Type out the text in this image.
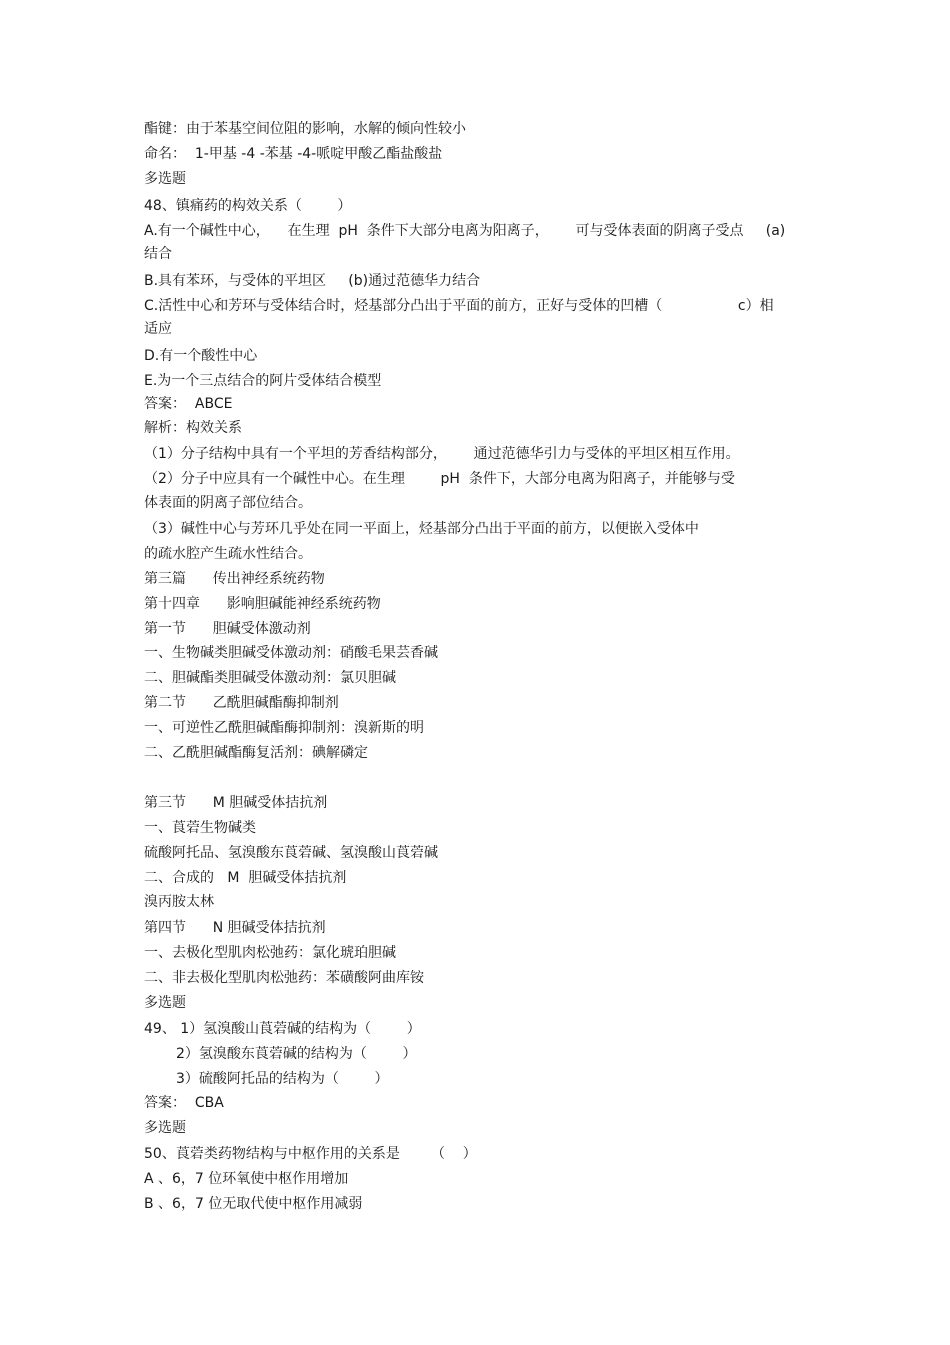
酯键：由于苯基空间位阻的影响，水解的倾向性较小
命名：  1-甲基 -4 -苯基 -4-哌啶甲酸乙酯盐酸盐
多选题
48、镇痛药的构效关系（        ）
A.有一个碱性中心，    在生理  pH  条件下大部分电离为阳离子，      可与受体表面的阴离子受点     (a)
结合
B.具有苯环，与受体的平坦区     (b)通过范德华力结合
C.活性中心和芳环与受体结合时，烃基部分凸出于平面的前方，正好与受体的凹槽（                 c）相
适应
D.有一个酸性中心
E.为一个三点结合的阿片受体结合模型
答案：  ABCE
解析：构效关系
（1）分子结构中具有一个平坦的芳香结构部分，      通过范德华引力与受体的平坦区相互作用。
（2）分子中应具有一个碱性中心。在生理        pH  条件下，大部分电离为阳离子，并能够与受
体表面的阴离子部位结合。
（3）碱性中心与芳环几乎处在同一平面上，烃基部分凸出于平面的前方，以便嵌入受体中
的疏水腔产生疏水性结合。
第三篇      传出神经系统药物
第十四章      影响胆碱能神经系统药物
第一节      胆碱受体激动剂
一、生物碱类胆碱受体激动剂：硝酸毛果芸香碱
二、胆碱酯类胆碱受体激动剂：氯贝胆碱
第二节      乙酰胆碱酯酶抑制剂
一、可逆性乙酰胆碱酯酶抑制剂：溴新斯的明
二、乙酰胆碱酯酶复活剂：碘解磷定
第三节      M 胆碱受体拮抗剂
一、莨菪生物碱类
硫酸阿托品、氢溴酸东莨菪碱、氢溴酸山莨菪碱
二、合成的   M  胆碱受体拮抗剂
溴丙胺太林
第四节      N 胆碱受体拮抗剂
一、去极化型肌肉松弛药：氯化琥珀胆碱
二、非去极化型肌肉松弛药：苯磺酸阿曲库铵
多选题
49、 1）氢溴酸山莨菪碱的结构为（        ）
2）氢溴酸东莨菪碱的结构为（        ）
3）硫酸阿托品的结构为（        ）
答案：  CBA
多选题
50、莨菪类药物结构与中枢作用的关系是       （    ）
A 、6，7 位环氧使中枢作用增加
B 、6，7 位无取代使中枢作用减弱
